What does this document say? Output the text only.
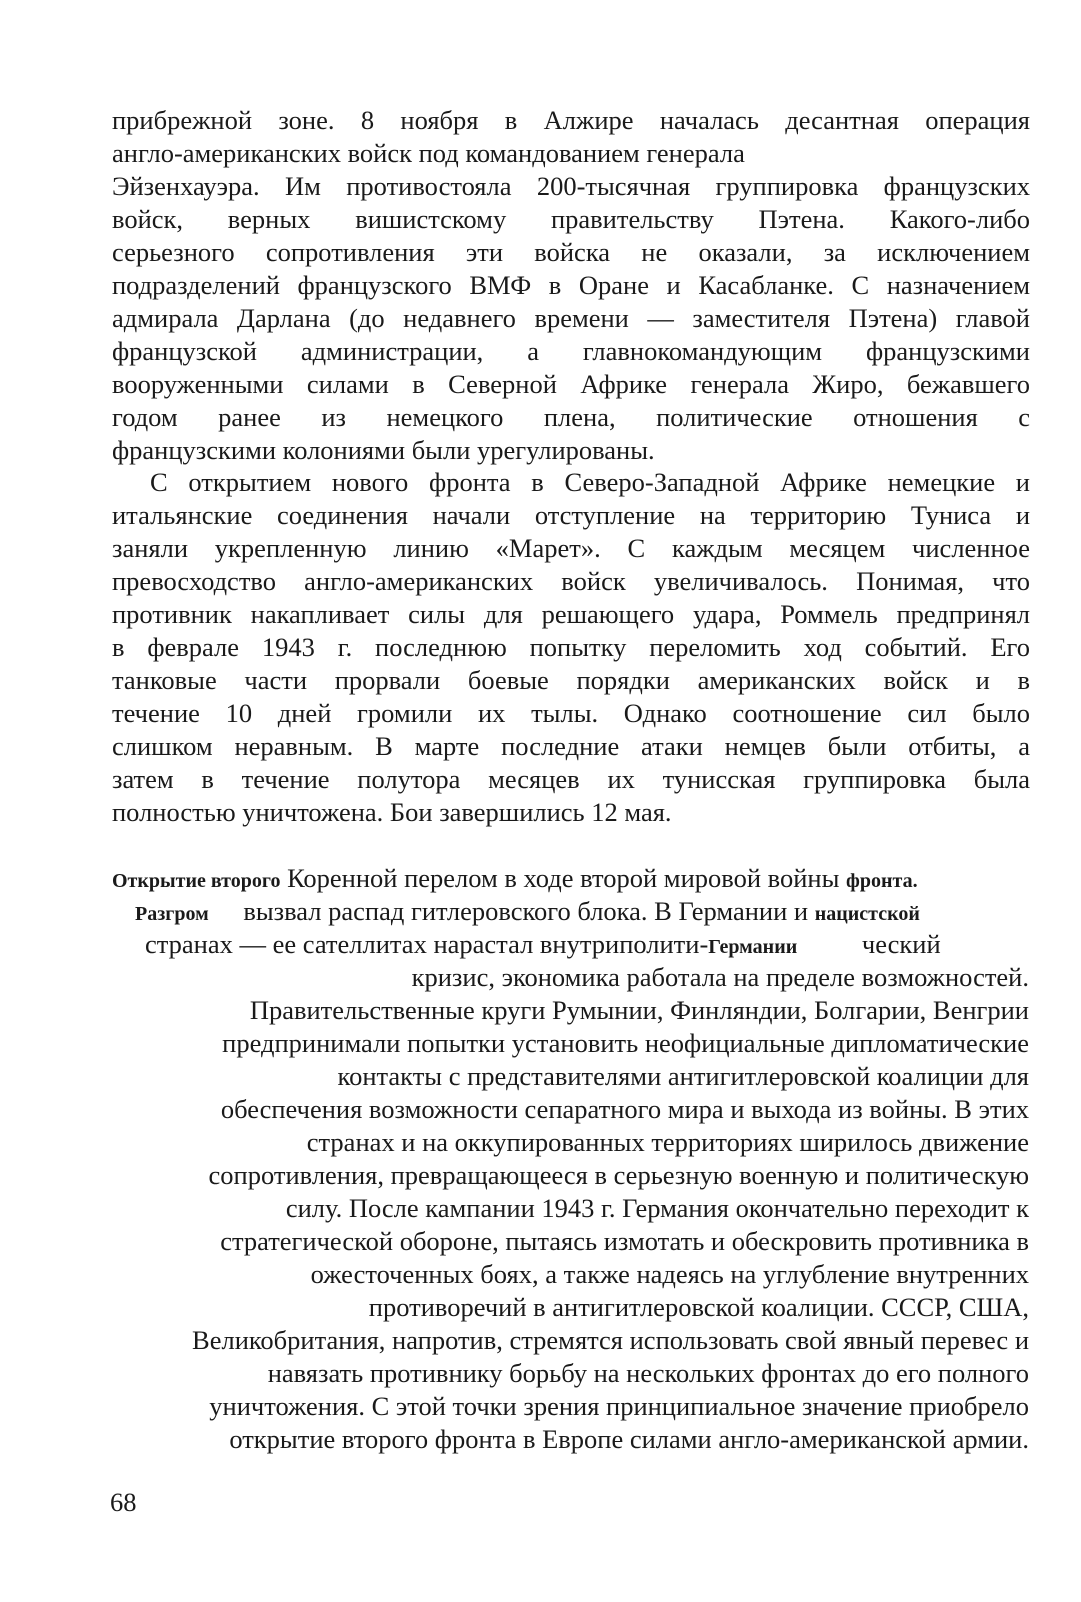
прибрежной зоне. 8 ноября в Алжире началась десантная операция
англо-американских войск под командованием генерала
Эйзенхауэра. Им противостояла 200-тысячная группировка французских
войск, верных вишистскому правительству Пэтена. Какого-либо
серьезного сопротивления эти войска не оказали, за исключением
подразделений французского ВМФ в Оране и Касабланке. С назначением
адмирала Дарлана (до недавнего времени — заместителя Пэтена) главой
французской администрации, а главнокомандующим французскими
вооруженными силами в Северной Африке генерала Жиро, бежавшего
годом ранее из немецкого плена, политические отношения с
французскими колониями были урегулированы.
С открытием нового фронта в Северо-Западной Африке немецкие и
итальянские соединения начали отступление на территорию Туниса и
заняли укрепленную линию «Марет». С каждым месяцем численное
превосходство англо-американских войск увеличивалось. Понимая, что
противник накапливает силы для решающего удара, Роммель предпринял
в феврале 1943 г. последнюю попытку переломить ход событий. Его
танковые части прорвали боевые порядки американских войск и в
течение 10 дней громили их тылы. Однако соотношение сил было
слишком неравным. В марте последние атаки немцев были отбиты, а
затем в течение полутора месяцев их тунисская группировка была
полностью уничтожена. Бои завершились 12 мая.
Открытие второго Коренной перелом в ходе второй мировой войны фронта.
Разгром вызвал распад гитлеровского блока. В Германии и нацистской
странах — ее сателлитах нарастал внутриполити-Германии ческий
кризис, экономика работала на пределе возможностей.
Правительственные круги Румынии, Финляндии, Болгарии, Венгрии
предпринимали попытки установить неофициальные дипломатические
контакты с представителями антигитлеровской коалиции для
обеспечения возможности сепаратного мира и выхода из войны. В этих
странах и на оккупированных территориях ширилось движение
сопротивления, превращающееся в серьезную военную и политическую
силу. После кампании 1943 г. Германия окончательно переходит к
стратегической обороне, пытаясь измотать и обескровить противника в
ожесточенных боях, а также надеясь на углубление внутренних
противоречий в антигитлеровской коалиции. СССР, США,
Великобритания, напротив, стремятся использовать свой явный перевес и
навязать противнику борьбу на нескольких фронтах до его полного
уничтожения. С этой точки зрения принципиальное значение приобрело
открытие второго фронта в Европе силами англо-американской армии.
68
